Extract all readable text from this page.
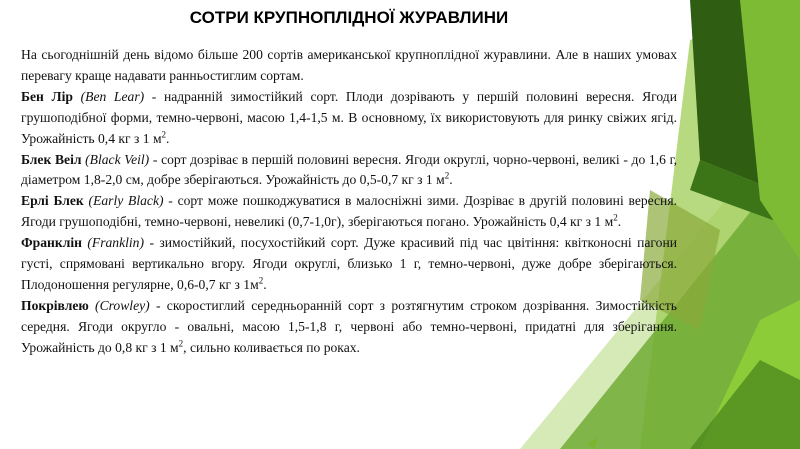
СОТРИ КРУПНОПЛІДНОЇ ЖУРАВЛИНИ

На сьогоднішній день відомо більше 200 сортів американської крупноплідної журавлини. Але в наших умовах перевагу краще надавати ранньостиглим сортам.

Бен Лір (Ben Lear) - надранній зимостійкий сорт. Плоди дозрівають у першій половині вересня. Ягоди грушоподібної форми, темно-червоні, масою 1,4-1,5 м. В основному, їх використовують для ринку свіжих ягід. Урожайність 0,4 кг з 1 $м^2$.

Блек Веіл (Black Veil) - сорт дозріває в першій половині вересня. Ягоди округлі, чорно-червоні, великі - до 1,6 г, діаметром 1,8-2,0 см, добре зберігаються. Урожайність до 0,5-0,7 кг з 1 $м^2$.

Ерлі Блек (Early Black) - сорт може пошкоджуватися в малосніжні зими. Дозріває в другій половині вересня. Ягоди грушоподібні, темно-червоні, невеликі (0,7-1,0г), зберігаються погано. Урожайність 0,4 кг з 1 $м^2$.

Франклін (Franklin) - зимостійкий, посухостійкий сорт. Дуже красивий під час цвітіння: квітконосні пагони густі, спрямовані вертикально вгору. Ягоди округлі, близько 1 г, темно-червоні, дуже добре зберігаються. Плодоношення регулярне, 0,6-0,7 кг з $1м^2$.

Покрівлею (Crowley) - скоростиглий середньоранній сорт з розтягнутим строком дозрівання. Зимостійкість середня. Ягоди округло - овальні, масою 1,5-1,8 г, червоні або темно-червоні, придатні для зберігання. Урожайність до 0,8 кг з 1 $м^2$, сильно коливається по роках.
